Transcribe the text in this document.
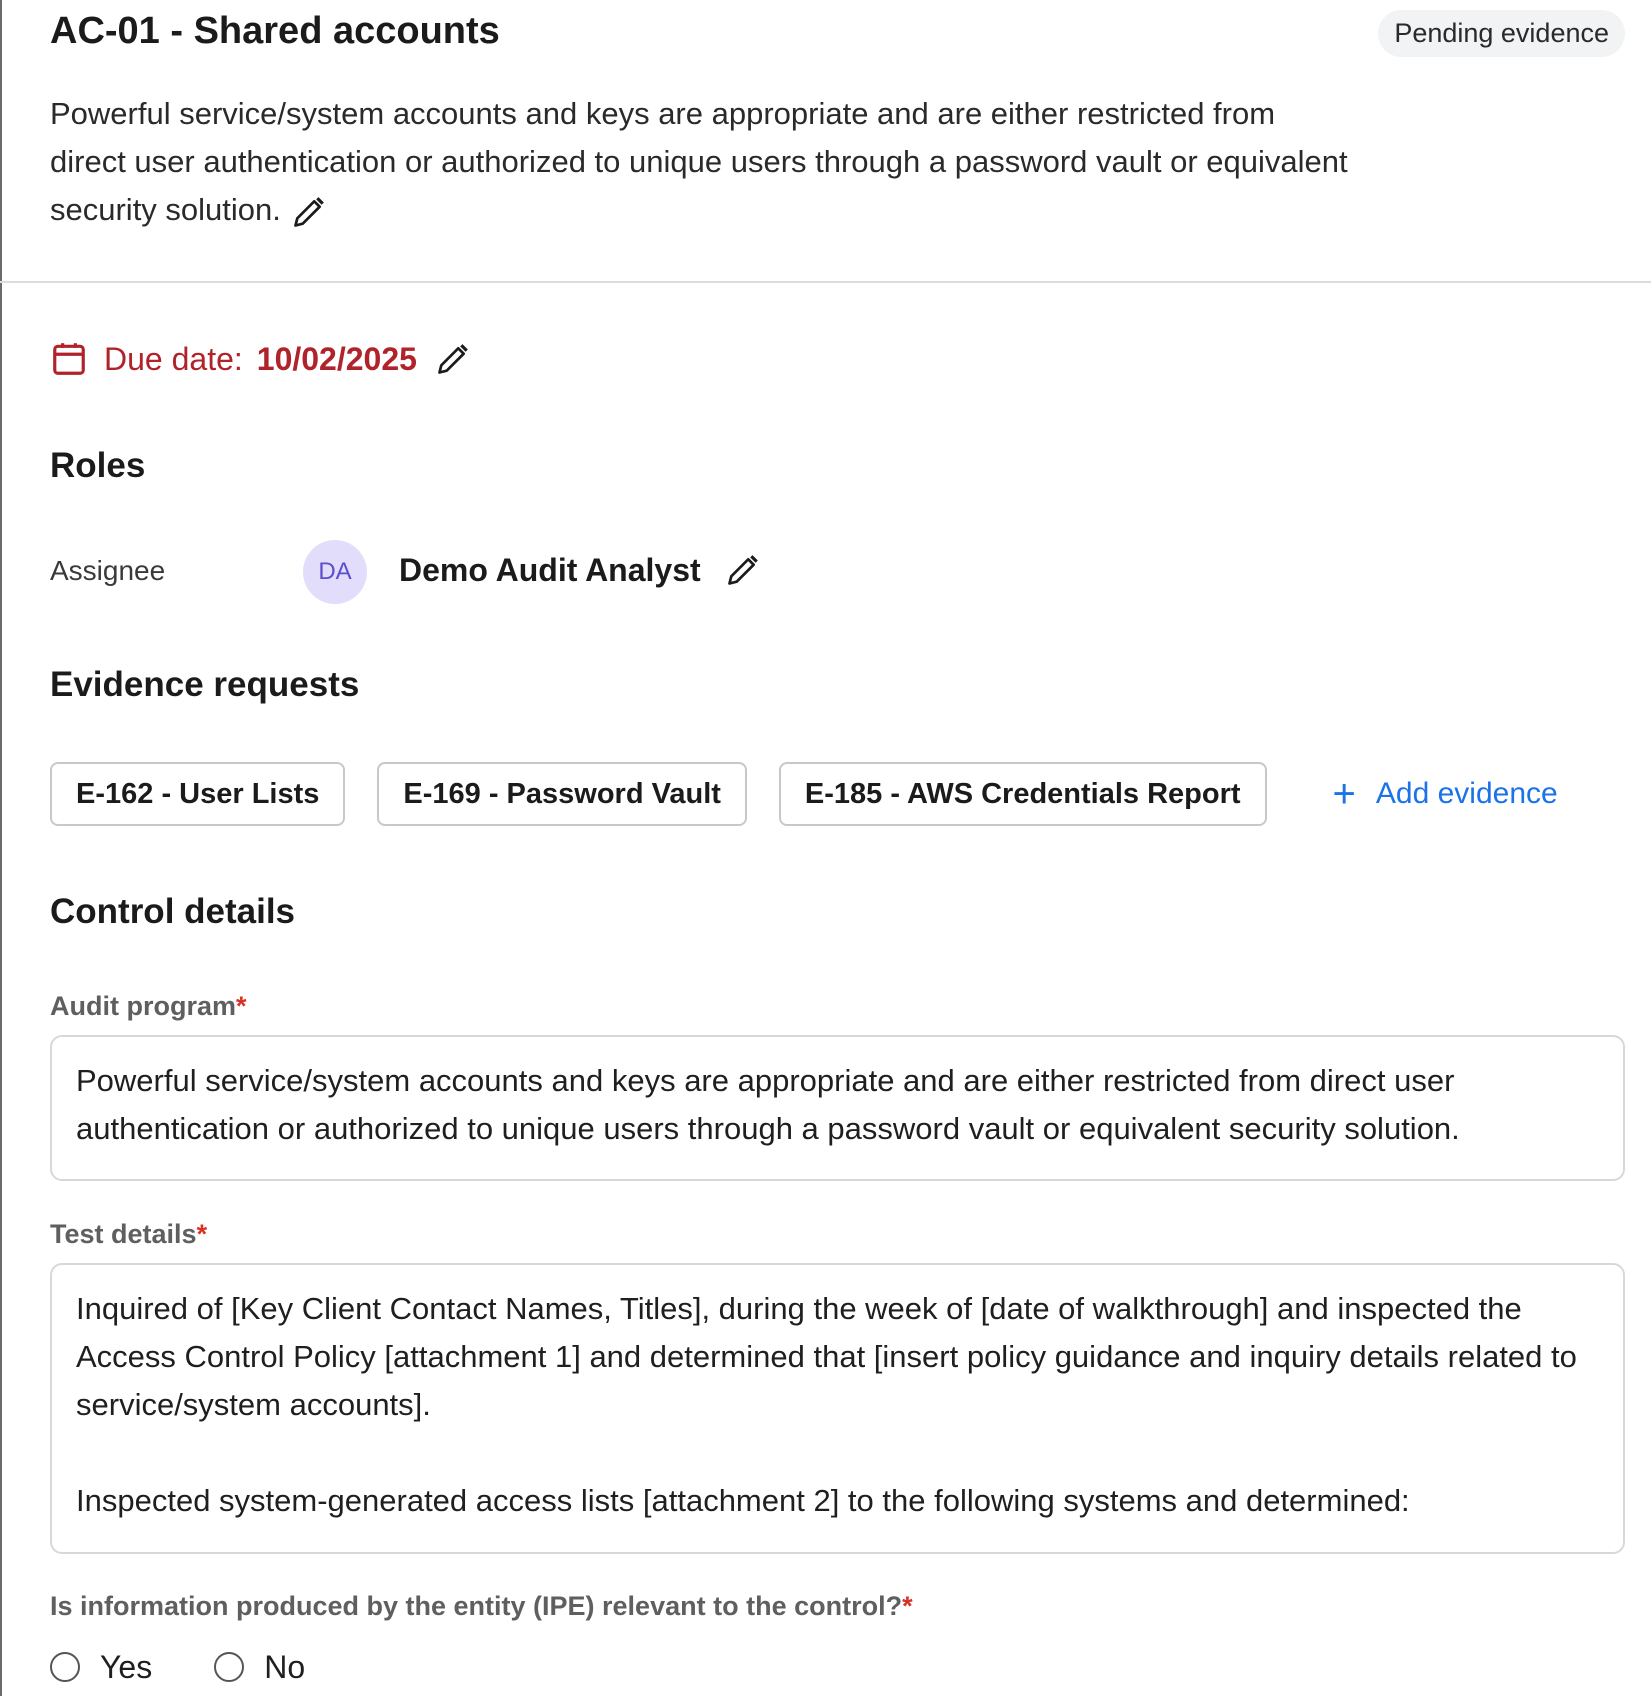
AC-01 - Shared accounts	Pending evidence
Powerful service/system accounts and keys are appropriate and are either restricted from direct user authentication or authorized to unique users through a password vault or equivalent security solution.
Due date: 10/02/2025
Roles
Assignee	DA	Demo Audit Analyst
Evidence requests
E-162 - User Lists	E-169 - Password Vault	E-185 - AWS Credentials Report	+ Add evidence
Control details
Audit program*
Powerful service/system accounts and keys are appropriate and are either restricted from direct user authentication or authorized to unique users through a password vault or equivalent security solution.
Test details*
Inquired of [Key Client Contact Names, Titles], during the week of [date of walkthrough] and inspected the Access Control Policy [attachment 1] and determined that [insert policy guidance and inquiry details related to service/system accounts].

Inspected system-generated access lists [attachment 2] to the following systems and determined:
Is information produced by the entity (IPE) relevant to the control?*
Yes	No
